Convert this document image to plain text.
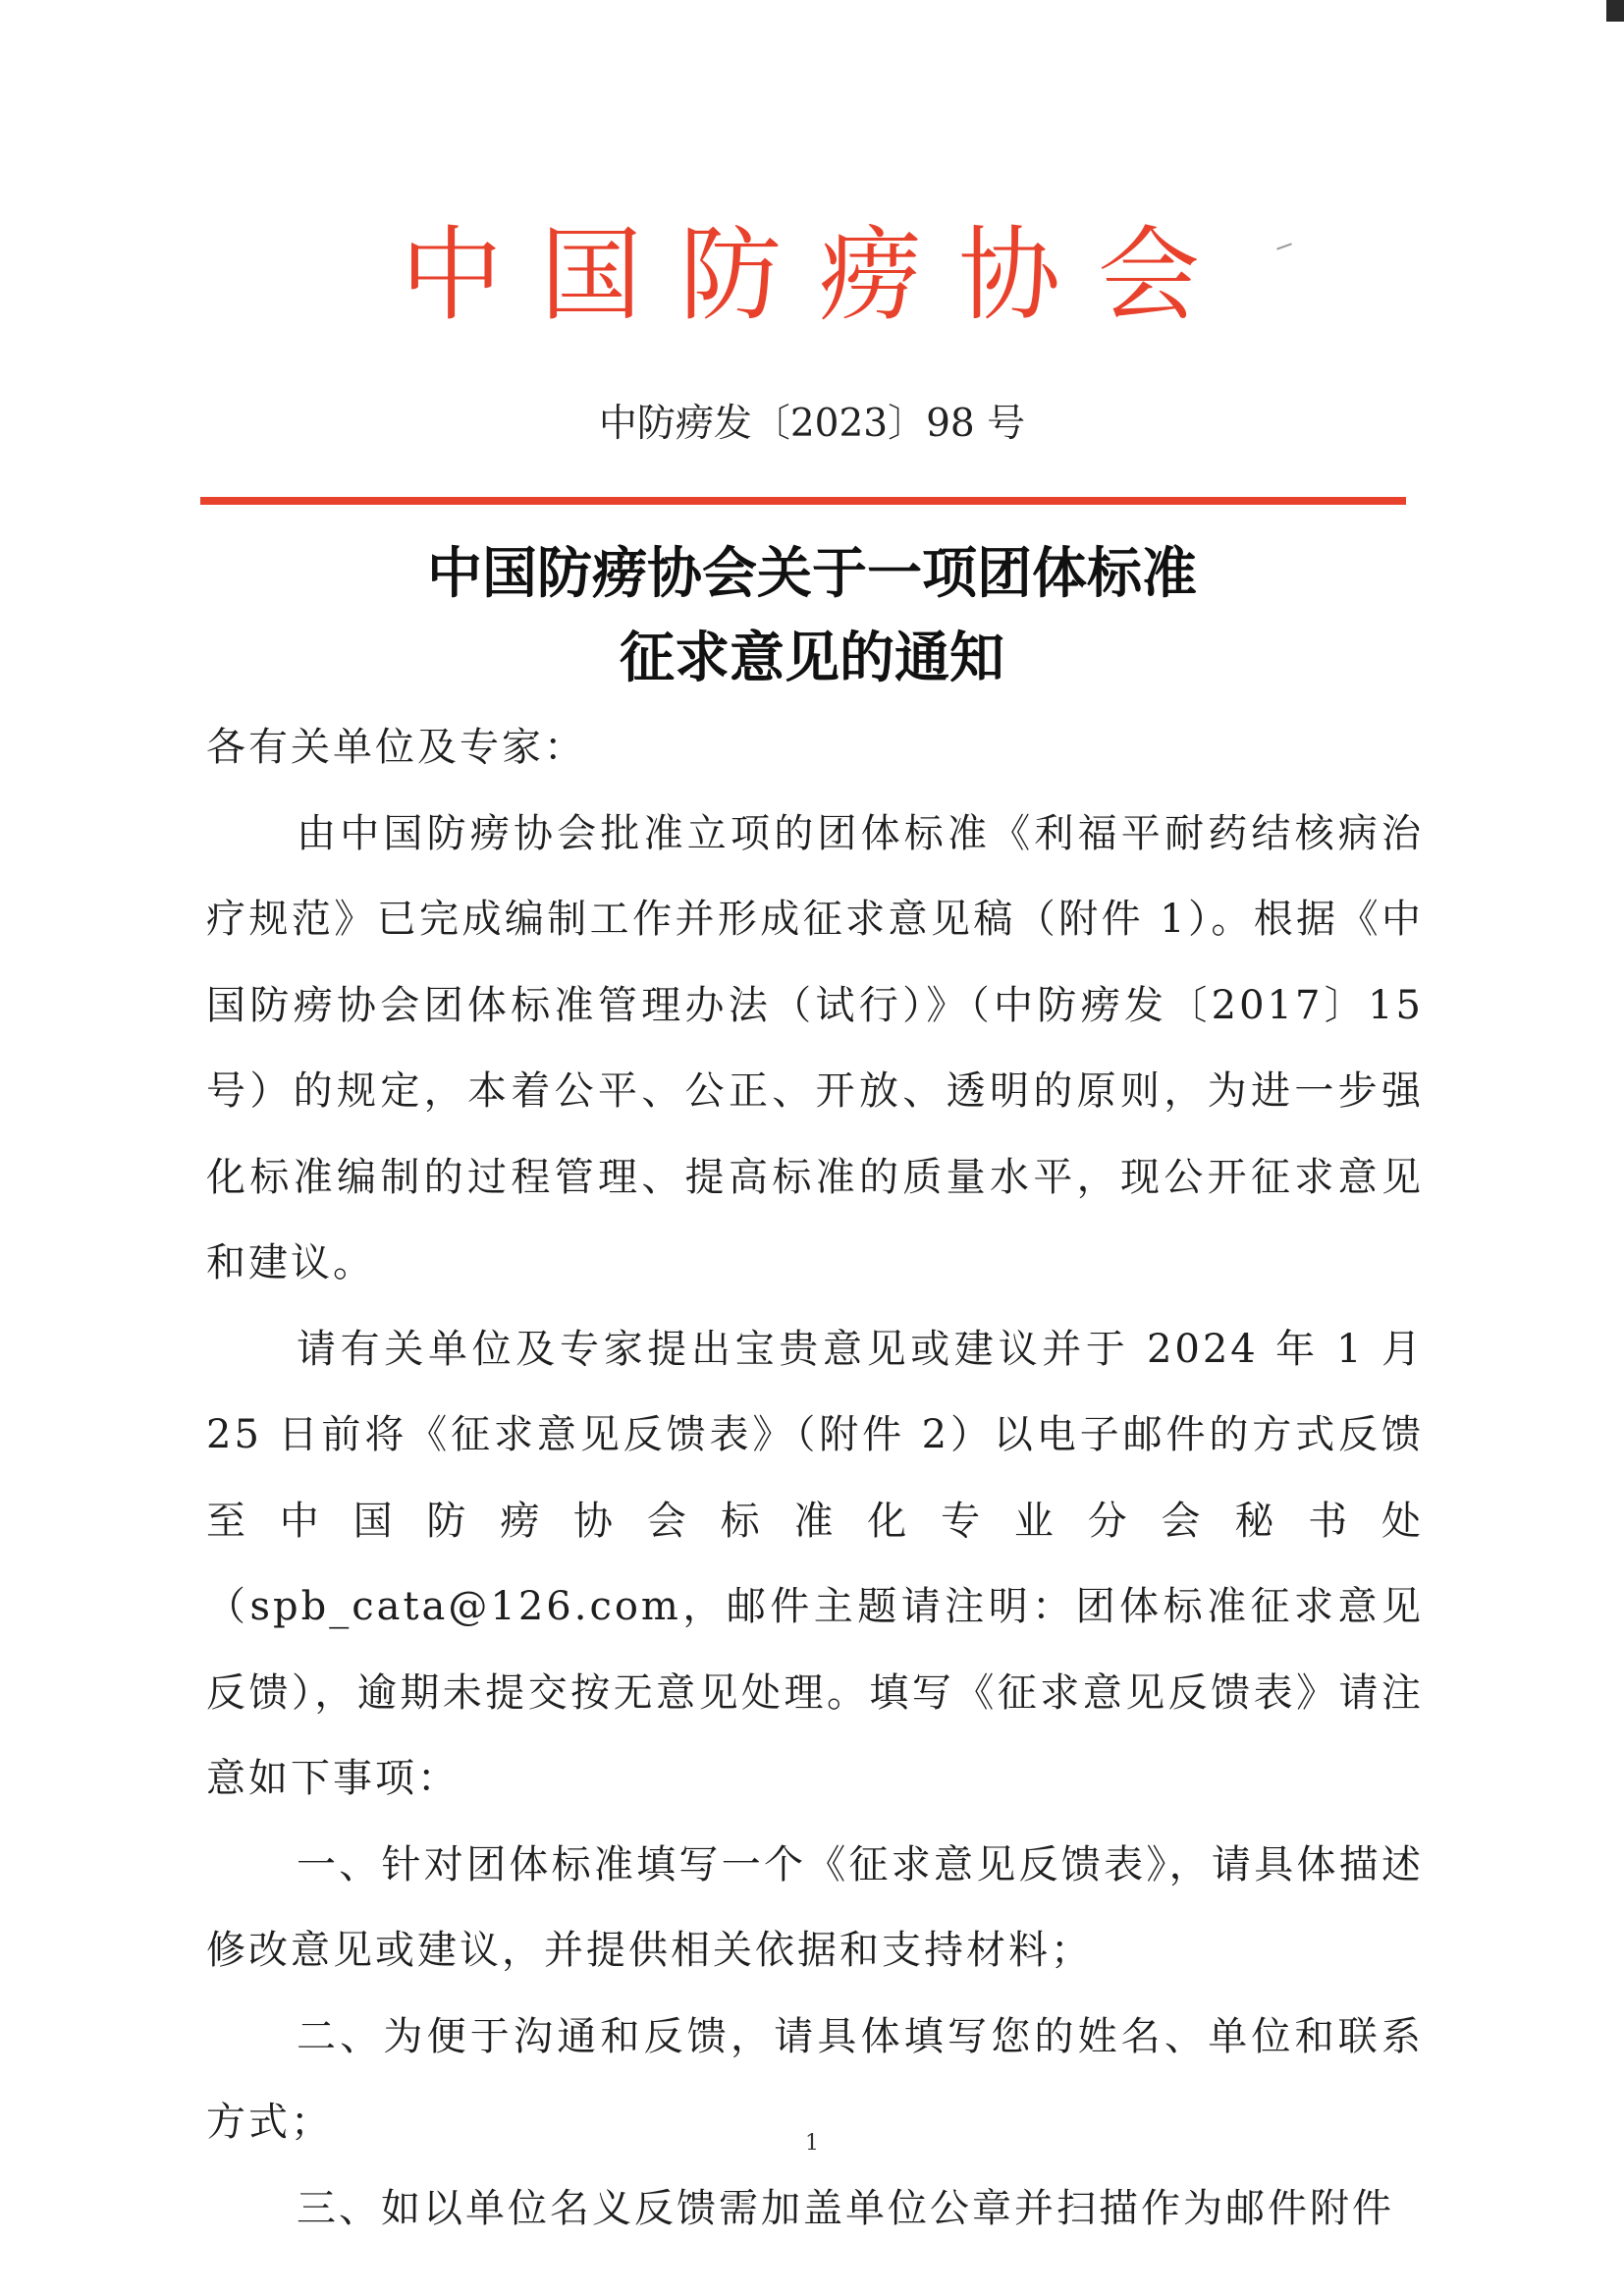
中国防痨协会
中防痨发〔2023〕98 号
中国防痨协会关于一项团体标准
征求意见的通知

各有关单位及专家：

由中国防痨协会批准立项的团体标准《利福平耐药结核病治疗规范》已完成编制工作并形成征求意见稿（附件 1）。根据《中国防痨协会团体标准管理办法（试行）》（中防痨发〔2017〕15 号）的规定，本着公平、公正、开放、透明的原则，为进一步强化标准编制的过程管理、提高标准的质量水平，现公开征求意见和建议。

请有关单位及专家提出宝贵意见或建议并于 2024 年 1 月 25 日前将《征求意见反馈表》（附件 2）以电子邮件的方式反馈至中国防痨协会标准化专业分会秘书处（spb_cata@126.com，邮件主题请注明：团体标准征求意见反馈），逾期未提交按无意见处理。填写《征求意见反馈表》请注意如下事项：

一、针对团体标准填写一个《征求意见反馈表》，请具体描述修改意见或建议，并提供相关依据和支持材料；

二、为便于沟通和反馈，请具体填写您的姓名、单位和联系方式；

三、如以单位名义反馈需加盖单位公章并扫描作为邮件附件

1
